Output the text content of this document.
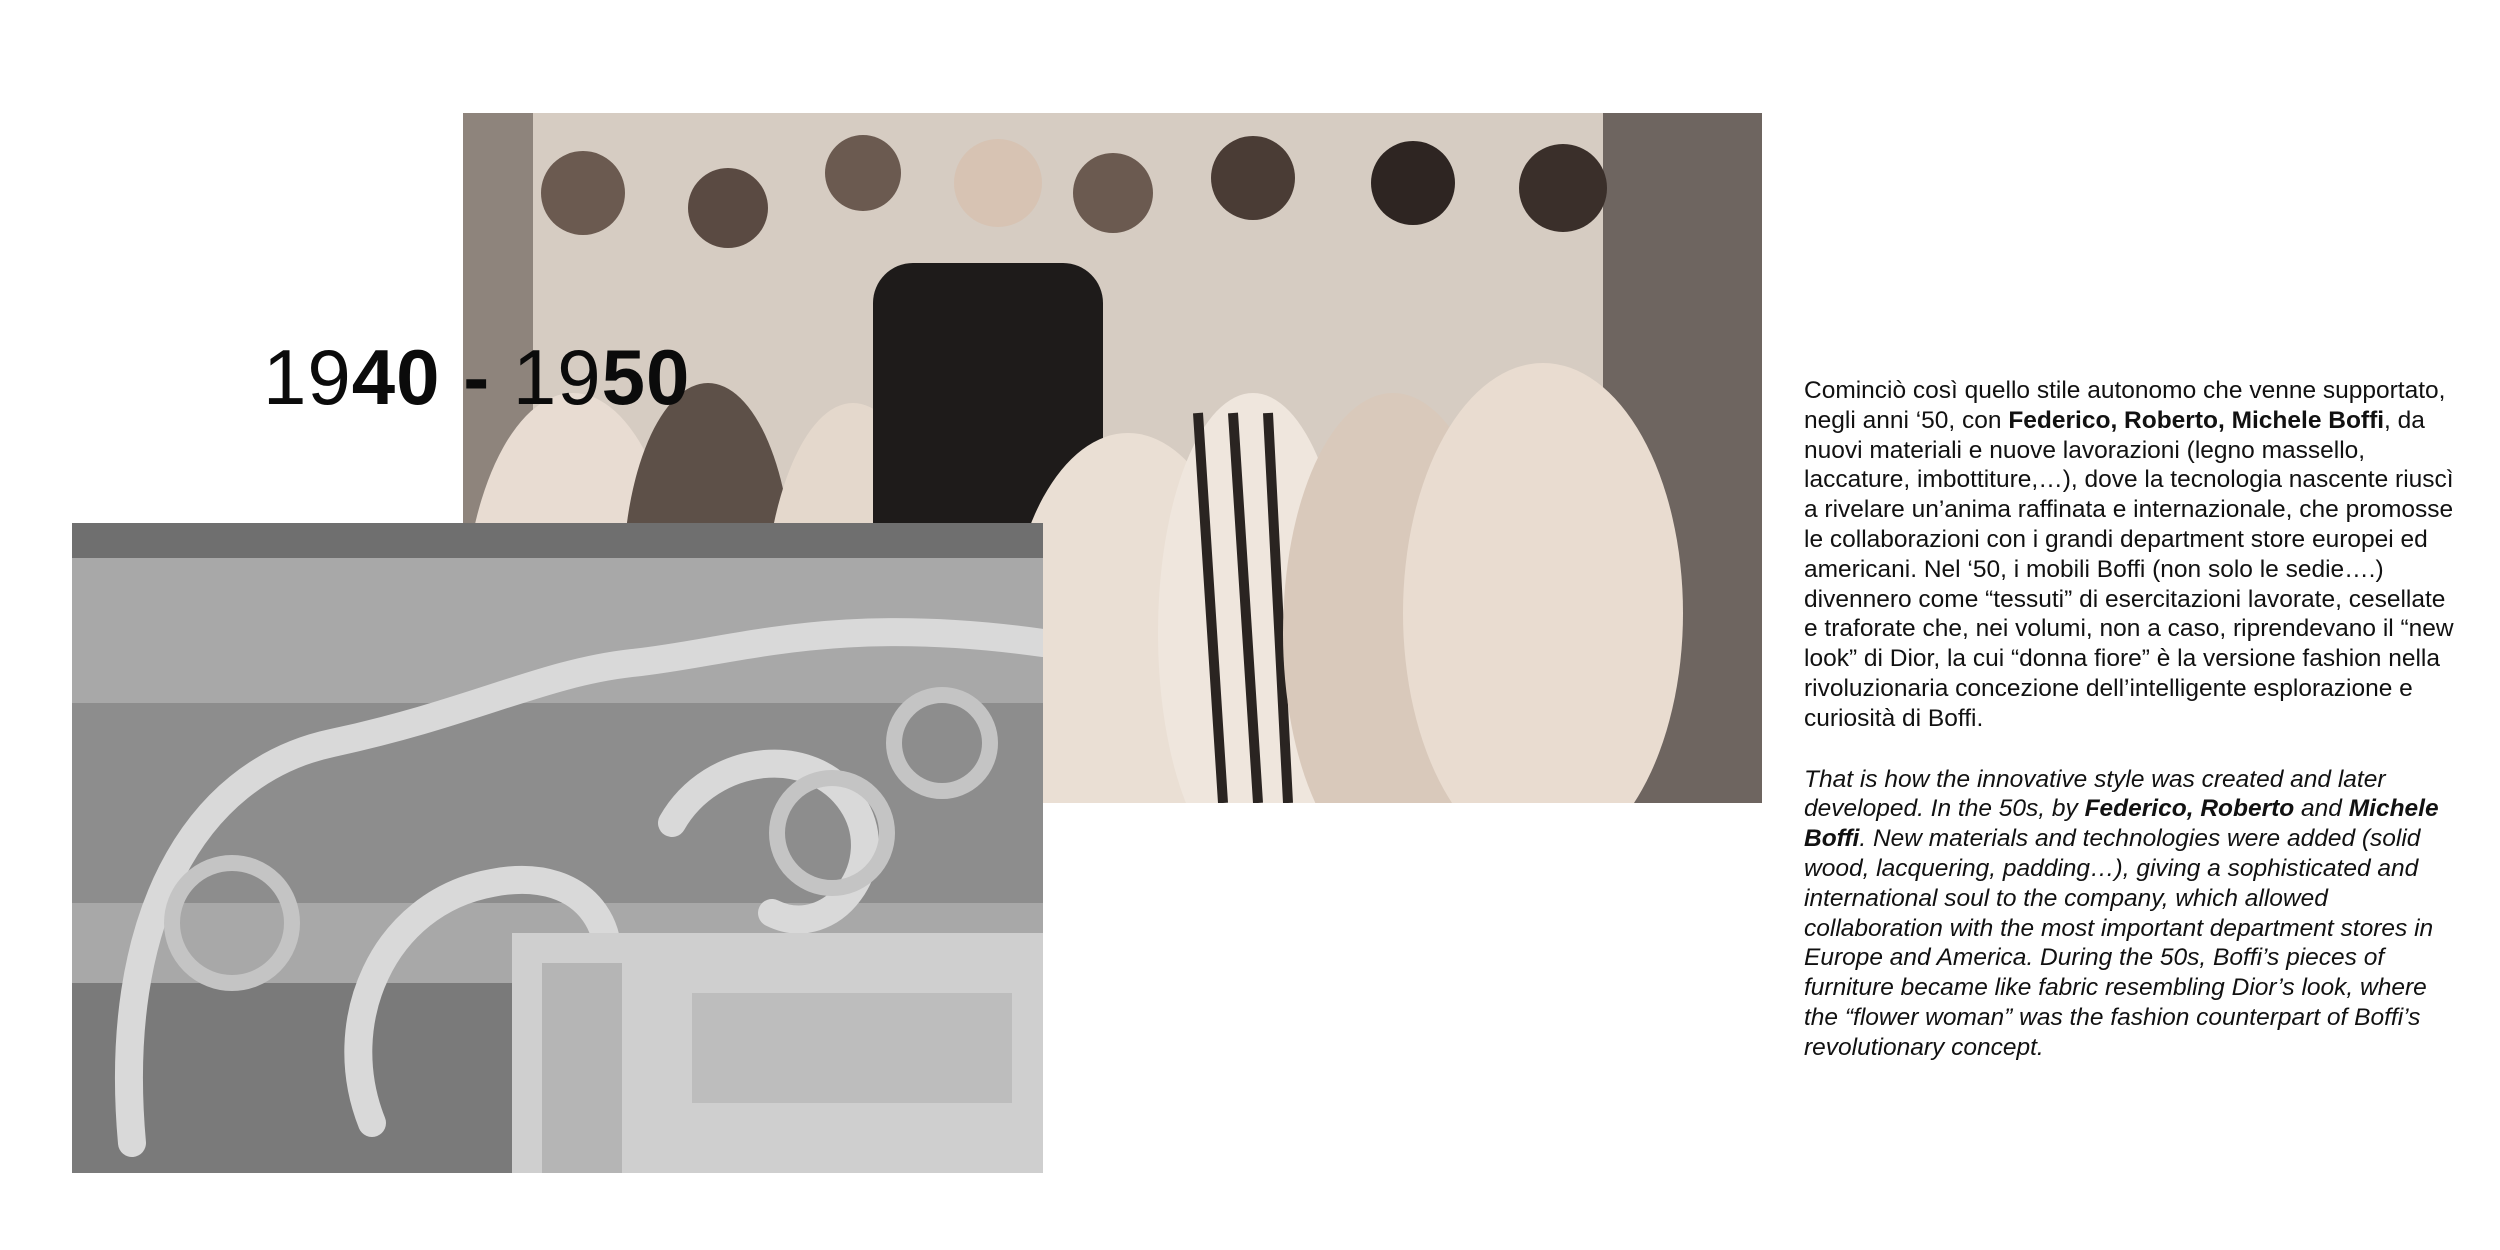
1940 - 1950	Cominciò così quello stile autonomo che venne supportato, negli anni ‘50, con Federico, Roberto, Michele Boffi, da nuovi materiali e nuove lavorazioni (legno massello, laccature, imbottiture,…), dove la tecnologia nascente riuscì a rivelare un’anima raffinata e internazionale, che promosse le collaborazioni con i grandi department store europei ed americani. Nel ‘50, i mobili Boffi (non solo le sedie….) divennero come “tessuti” di esercitazioni lavorate, cesellate e traforate che, nei volumi, non a caso, riprendevano il “new look” di Dior, la cui “donna fiore” è la versione fashion nella rivoluzionaria concezione dell’intelligente esplorazione e curiosità di Boffi.

That is how the innovative style was created and later developed. In the 50s, by Federico, Roberto and Michele Boffi. New materials and technologies were added (solid wood, lacquering, padding…), giving a sophisticated and international soul to the company, which allowed collaboration with the most important department stores in Europe and America. During the 50s, Boffi’s pieces of furniture became like fabric resembling Dior’s look, where the “flower woman” was the fashion counterpart of Boffi’s revolutionary concept.
